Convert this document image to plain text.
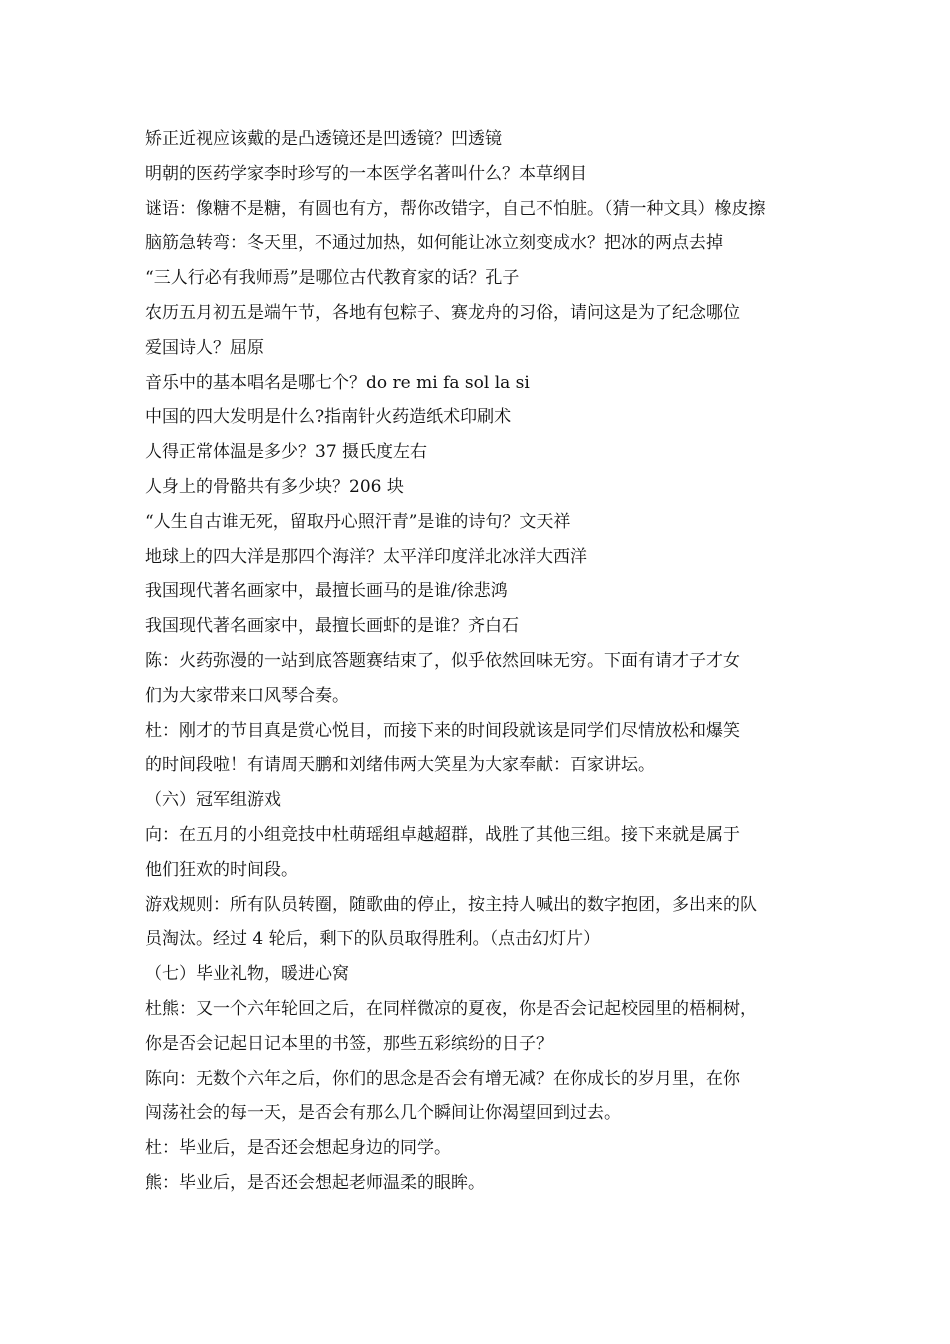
矫正近视应该戴的是凸透镜还是凹透镜？凹透镜
明朝的医药学家李时珍写的一本医学名著叫什么？本草纲目
谜语：像糖不是糖，有圆也有方，帮你改错字，自己不怕脏。（猜一种文具）橡皮擦
脑筋急转弯：冬天里，不通过加热，如何能让冰立刻变成水？把冰的两点去掉
“三人行必有我师焉”是哪位古代教育家的话？孔子
农历五月初五是端午节，各地有包粽子、赛龙舟的习俗，请问这是为了纪念哪位
爱国诗人？屈原
音乐中的基本唱名是哪七个？do re mi fa sol la si
中国的四大发明是什么?指南针火药造纸术印刷术
人得正常体温是多少？37 摄氏度左右
人身上的骨骼共有多少块？206 块
“人生自古谁无死，留取丹心照汗青”是谁的诗句？文天祥
地球上的四大洋是那四个海洋？太平洋印度洋北冰洋大西洋
我国现代著名画家中，最擅长画马的是谁/徐悲鸿
我国现代著名画家中，最擅长画虾的是谁？齐白石
陈：火药弥漫的一站到底答题赛结束了，似乎依然回味无穷。下面有请才子才女
们为大家带来口风琴合奏。
杜：刚才的节目真是赏心悦目，而接下来的时间段就该是同学们尽情放松和爆笑
的时间段啦！有请周天鹏和刘绪伟两大笑星为大家奉献：百家讲坛。
（六）冠军组游戏
向：在五月的小组竞技中杜萌瑶组卓越超群，战胜了其他三组。接下来就是属于
他们狂欢的时间段。
游戏规则：所有队员转圈，随歌曲的停止，按主持人喊出的数字抱团，多出来的队
员淘汰。经过 4 轮后，剩下的队员取得胜利。（点击幻灯片）
（七）毕业礼物，暖进心窝
杜熊：又一个六年轮回之后，在同样微凉的夏夜，你是否会记起校园里的梧桐树，
你是否会记起日记本里的书签，那些五彩缤纷的日子？
陈向：无数个六年之后，你们的思念是否会有增无减？在你成长的岁月里，在你
闯荡社会的每一天，是否会有那么几个瞬间让你渴望回到过去。
杜：毕业后，是否还会想起身边的同学。
熊：毕业后，是否还会想起老师温柔的眼眸。
